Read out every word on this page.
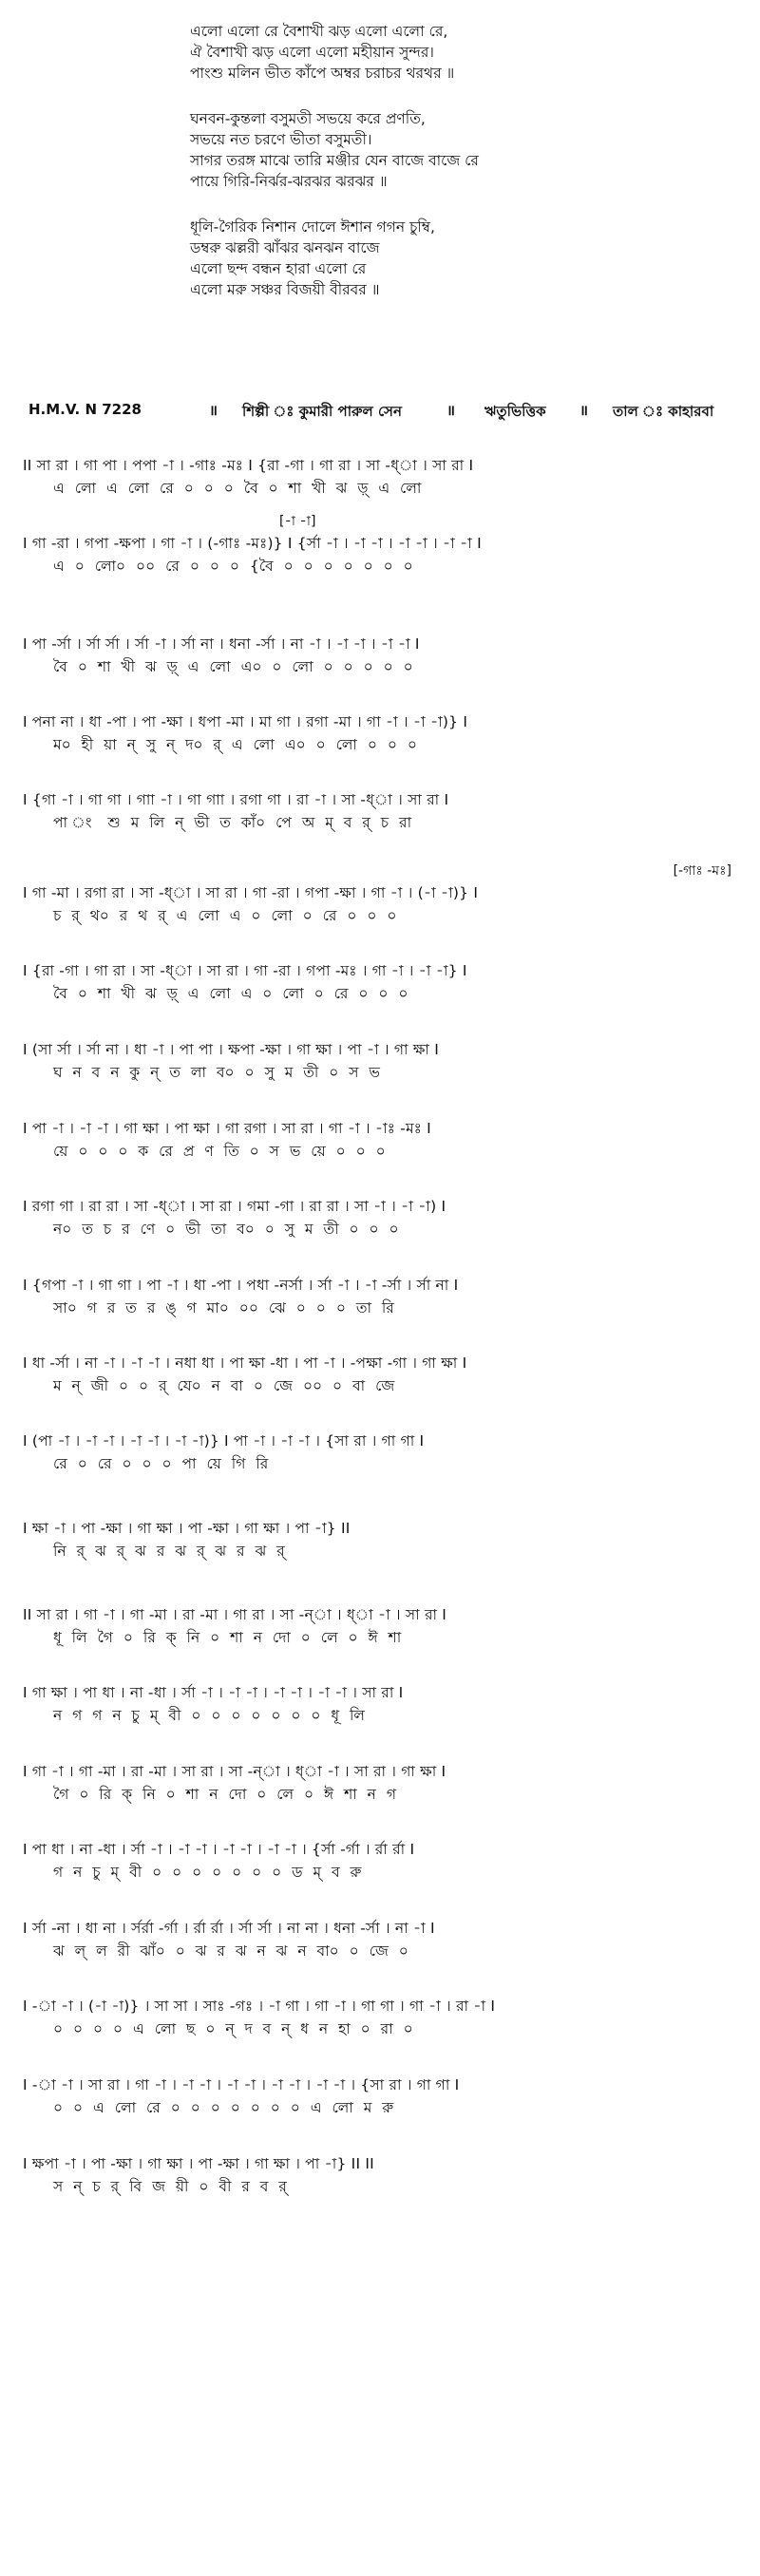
এলো এলো রে বৈশাখী ঝড় এলো এলো রে,
ঐ বৈশাখী ঝড় এলো এলো মহীয়ান সুন্দর।
পাংশু মলিন ভীত কাঁপে অম্বর চরাচর থরথর ॥
ঘনবন-কুন্তলা বসুমতী সভয়ে করে প্রণতি,
সভয়ে নত চরণে ভীতা বসুমতী।
সাগর তরঙ্গ মাঝে তারি মঞ্জীর যেন বাজে বাজে রে
পায়ে গিরি-নির্ঝর-ঝরঝর ঝরঝর ॥
ধূলি-গৈরিক নিশান দোলে ঈশান গগন চুম্বি,
ডম্বরু ঝল্লরী ঝাঁঝর ঝনঝন বাজে
এলো ছন্দ বন্ধন হারা এলো রে
এলো মরু সঞ্চর বিজয়ী বীরবর ॥
H.M.V. N 7228	॥ শিল্পী ঃ কুমারী পারুল সেন	॥ ঋতুভিত্তিক ॥ তাল ঃ কাহারবা
II সা রা । গা পা । পপা -া । -গাঃ -মঃ I {রা -গা । গা রা । সা -ধ্া । সা রা I
এ লো এ লো রে ০ ০ ০ বৈ ০ শা খী ঝ ড়্ এ লো
[-া -া]
I গা -রা । গপা -ক্ষপা । গা -া । (-গাঃ -মঃ)} I {র্সা -া । -া -া । -া -া । -া -া I
এ ০ লো০ ০০ রে ০ ০ ০ {বৈ ০ ০ ০ ০ ০ ০ ০
I পা -র্সা । র্সা র্সা । র্সা -া । র্সা না । ধনা -র্সা । না -া । -া -া । -া -া I
বৈ ০ শা খী ঝ ড়্ এ লো এ০ ০ লো ০ ০ ০ ০ ০
I পনা না । ধা -পা । পা -ক্ষা । ধপা -মা । মা গা । রগা -মা । গা -া । -া -া)} I
ম০ হী য়া ন্ সু ন্ দ০ র্ এ লো এ০ ০ লো ০ ০ ০
I {গা -া । গা গা । গাা -া । গা গাা । রগা গা । রা -া । সা -ধ্া । সা রা I
পা ং শু ম লি ন্ ভী ত কাঁ০ পে অ ম্ ব র্ চ রা
[-গাঃ -মঃ]
I গা -মা । রগা রা । সা -ধ্া । সা রা । গা -রা । গপা -ক্ষা । গা -া । (-া -া)} I
চ র্ থ০ র থ র্ এ লো এ ০ লো ০ রে ০ ০ ০
I {রা -গা । গা রা । সা -ধ্া । সা রা । গা -রা । গপা -মঃ । গা -া । -া -া} I
বৈ ০ শা খী ঝ ড়্ এ লো এ ০ লো ০ রে ০ ০ ০
I (সা র্সা । র্সা না । ধা -া । পা পা । ক্ষপা -ক্ষা । গা ক্ষা । পা -া । গা ক্ষা I
ঘ ন ব ন কু ন্ ত লা ব০ ০ সু ম তী ০ স ভ
I পা -া । -া -া । গা ক্ষা । পা ক্ষা । গা রগা । সা রা । গা -া । -াঃ -মঃ I
য়ে ০ ০ ০ ক রে প্র ণ তি ০ স ভ য়ে ০ ০ ০
I রগা গা । রা রা । সা -ধ্া । সা রা । গমা -গা । রা রা । সা -া । -া -া) I
ন০ ত চ র ণে ০ ভী তা ব০ ০ সু ম তী ০ ০ ০
I {গপা -া । গা গা । পা -া । ধা -পা । পধা -নর্সা । র্সা -া । -া -র্সা । র্সা না I
সা০ গ র ত র ঙ্ গ মা০ ০০ ঝে ০ ০ ০ তা রি
I ধা -র্সা । না -া । -া -া । নধা ধা । পা ক্ষা -ধা । পা -া । -পক্ষা -গা । গা ক্ষা I
ম ন্ জী ০ ০ র্ যে০ ন বা ০ জে ০০ ০ বা জে
I (পা -া । -া -া । -া -া । -া -া)} I পা -া । -া -া । {সা রা । গা গা I
রে ০ রে ০ ০ ০ পা য়ে গি রি
I ক্ষা -া । পা -ক্ষা । গা ক্ষা । পা -ক্ষা । গা ক্ষা । পা -া} II
নি র্ ঝ র্ ঝ র ঝ র্ ঝ র ঝ র্
II সা রা । গা -া । গা -মা । রা -মা । গা রা । সা -ন্া । ধ্া -া । সা রা I
ধূ লি গৈ ০ রি ক্ নি ০ শা ন দো ০ লে ০ ঈ শা
I গা ক্ষা । পা ধা । না -ধা । র্সা -া । -া -া । -া -া । -া -া । সা রা I
ন গ গ ন চু ম্ বী ০ ০ ০ ০ ০ ০ ০ ধূ লি
I গা -া । গা -মা । রা -মা । সা রা । সা -ন্া । ধ্া -া । সা রা । গা ক্ষা I
গৈ ০ রি ক্ নি ০ শা ন দো ০ লে ০ ঈ শা ন গ
I পা ধা । না -ধা । র্সা -া । -া -া । -া -া । -া -া । {র্সা -র্গা । র্রা র্রা I
গ ন চু ম্ বী ০ ০ ০ ০ ০ ০ ০ ড ম্ ব রু
I র্সা -না । ধা না । র্সর্রা -র্গা । র্রা র্রা । র্সা র্সা । না না । ধনা -র্সা । না -া I
ঝ ল্ ল রী ঝাঁ০ ০ ঝ র ঝ ন ঝ ন বা০ ০ জে ০
I -া -া । (-া -া)} । সা সা । সাঃ -গঃ । -া গা । গা -া । গা গা । গা -া । রা -া I
০ ০ ০ ০ এ লো ছ ০ ন্ দ ব ন্ ধ ন হা ০ রা ০
I -া -া । সা রা । গা -া । -া -া । -া -া । -া -া । -া -া । {সা রা । গা গা I
০ ০ এ লো রে ০ ০ ০ ০ ০ ০ ০ এ লো ম রু
I ক্ষপা -া । পা -ক্ষা । গা ক্ষা । পা -ক্ষা । গা ক্ষা । পা -া} II II
স ন্ চ র্ বি জ য়ী ০ বী র ব র্
